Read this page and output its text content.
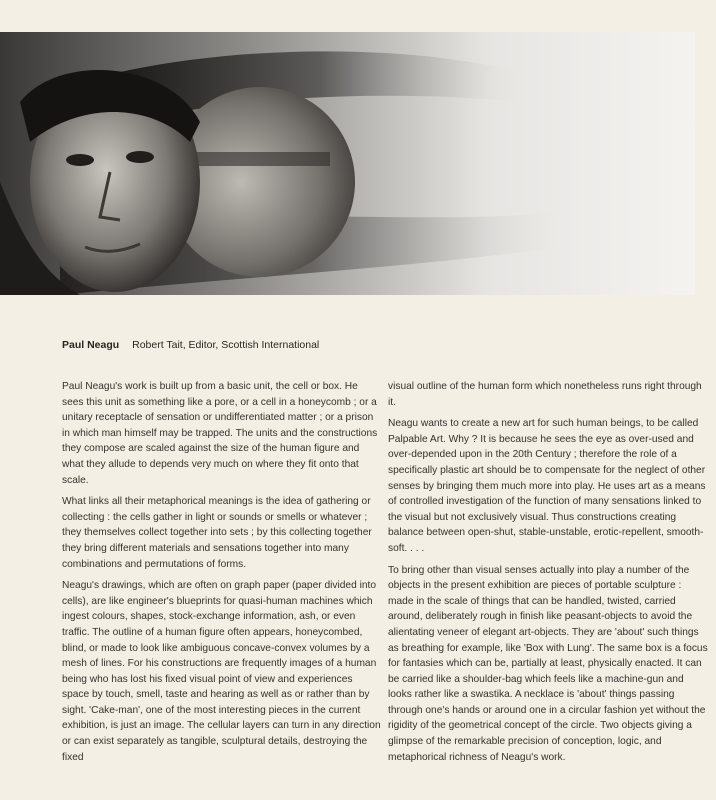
Paul Neagu Robert Tait, Editor, Scottish International

Paul Neagu's work is built up from a basic unit, the cell or box. He sees this unit as something like a pore, or a cell in a honeycomb ; or a unitary receptacle of sensation or undifferentiated matter ; or a prison in which man himself may be trapped. The units and the constructions they compose are scaled against the size of the human figure and what they allude to depends very much on where they fit onto that scale.

What links all their metaphorical meanings is the idea of gathering or collecting : the cells gather in light or sounds or smells or whatever ; they themselves collect together into sets ; by this collecting together they bring different materials and sensations together into many combinations and permutations of forms.

Neagu's drawings, which are often on graph paper (paper divided into cells), are like engineer's blueprints for quasi-human machines which ingest colours, shapes, stock-exchange information, ash, or even traffic. The outline of a human figure often appears, honeycombed, blind, or made to look like ambiguous concave-convex volumes by a mesh of lines. For his constructions are frequently images of a human being who has lost his fixed visual point of view and experiences space by touch, smell, taste and hearing as well as or rather than by sight. 'Cake-man', one of the most interesting pieces in the current exhibition, is just an image. The cellular layers can turn in any direction or can exist separately as tangible, sculptural details, destroying the fixed

visual outline of the human form which nonetheless runs right through it.

Neagu wants to create a new art for such human beings, to be called Palpable Art. Why ? It is because he sees the eye as over-used and over-depended upon in the 20th Century ; therefore the role of a specifically plastic art should be to compensate for the neglect of other senses by bringing them much more into play. He uses art as a means of controlled investigation of the function of many sensations linked to the visual but not exclusively visual. Thus constructions creating balance between open-shut, stable-unstable, erotic-repellent, smooth-soft. . . .

To bring other than visual senses actually into play a number of the objects in the present exhibition are pieces of portable sculpture : made in the scale of things that can be handled, twisted, carried around, deliberately rough in finish like peasant-objects to avoid the alientating veneer of elegant art-objects. They are 'about' such things as breathing for example, like 'Box with Lung'. The same box is a focus for fantasies which can be, partially at least, physically enacted. It can be carried like a shoulder-bag which feels like a machine-gun and looks rather like a swastika. A necklace is 'about' things passing through one's hands or around one in a circular fashion yet without the rigidity of the geometrical concept of the circle. Two objects giving a glimpse of the remarkable precision of conception, logic, and metaphorical richness of Neagu's work.
